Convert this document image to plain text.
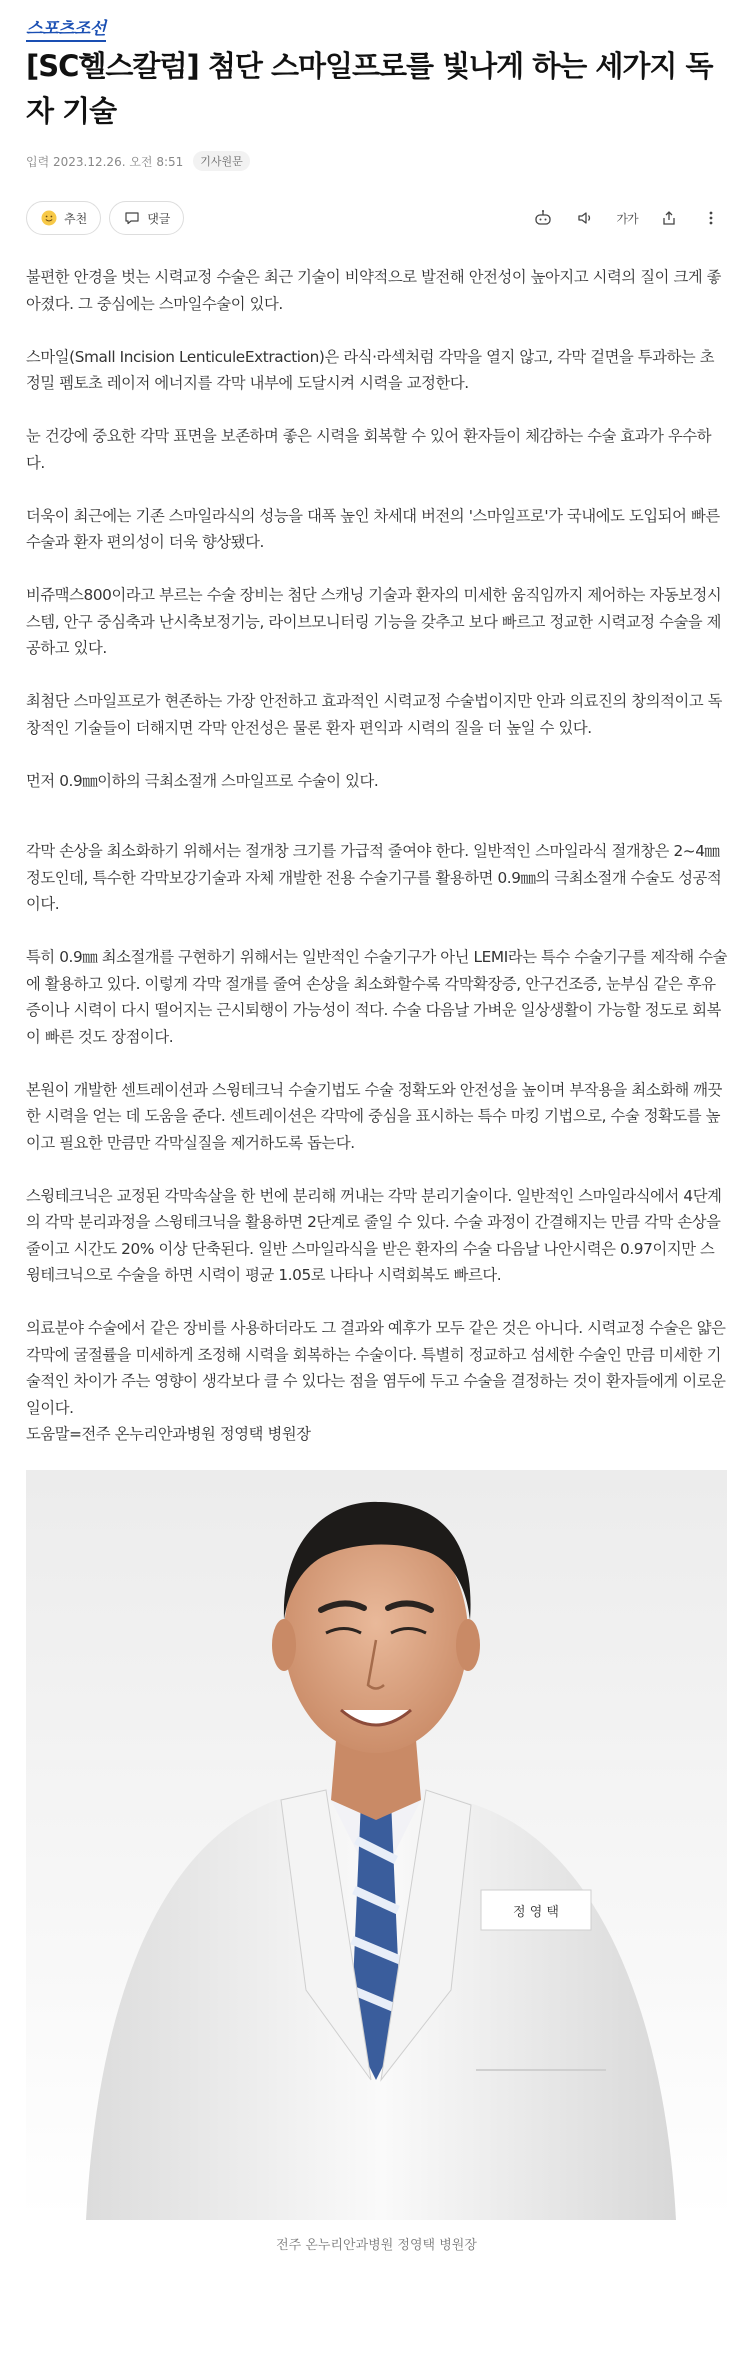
스포츠조선
[SC헬스칼럼] 첨단 스마일프로를 빛나게 하는 세가지 독자 기술
입력 2023.12.26. 오전 8:51	기사원문
추천	댓글	가가

불편한 안경을 벗는 시력교정 수술은 최근 기술이 비약적으로 발전해 안전성이 높아지고 시력의 질이 크게 좋아졌다. 그 중심에는 스마일수술이 있다.

스마일(Small Incision LenticuleExtraction)은 라식·라섹처럼 각막을 열지 않고, 각막 겉면을 투과하는 초정밀 펨토초 레이저 에너지를 각막 내부에 도달시켜 시력을 교정한다.

눈 건강에 중요한 각막 표면을 보존하며 좋은 시력을 회복할 수 있어 환자들이 체감하는 수술 효과가 우수하다.

더욱이 최근에는 기존 스마일라식의 성능을 대폭 높인 차세대 버전의 '스마일프로'가 국내에도 도입되어 빠른 수술과 환자 편의성이 더욱 향상됐다.

비쥬맥스800이라고 부르는 수술 장비는 첨단 스캐닝 기술과 환자의 미세한 움직임까지 제어하는 자동보정시스템, 안구 중심축과 난시축보정기능, 라이브모니터링 기능을 갖추고 보다 빠르고 정교한 시력교정 수술을 제공하고 있다.

최첨단 스마일프로가 현존하는 가장 안전하고 효과적인 시력교정 수술법이지만 안과 의료진의 창의적이고 독창적인 기술들이 더해지면 각막 안전성은 물론 환자 편익과 시력의 질을 더 높일 수 있다.

먼저 0.9㎜이하의 극최소절개 스마일프로 수술이 있다.

각막 손상을 최소화하기 위해서는 절개창 크기를 가급적 줄여야 한다. 일반적인 스마일라식 절개창은 2~4㎜ 정도인데, 특수한 각막보강기술과 자체 개발한 전용 수술기구를 활용하면 0.9㎜의 극최소절개 수술도 성공적이다.

특히 0.9㎜ 최소절개를 구현하기 위해서는 일반적인 수술기구가 아닌 LEMI라는 특수 수술기구를 제작해 수술에 활용하고 있다. 이렇게 각막 절개를 줄여 손상을 최소화할수록 각막확장증, 안구건조증, 눈부심 같은 후유증이나 시력이 다시 떨어지는 근시퇴행이 가능성이 적다. 수술 다음날 가벼운 일상생활이 가능할 정도로 회복이 빠른 것도 장점이다.

본원이 개발한 센트레이션과 스윙테크닉 수술기법도 수술 정확도와 안전성을 높이며 부작용을 최소화해 깨끗한 시력을 얻는 데 도움을 준다. 센트레이션은 각막에 중심을 표시하는 특수 마킹 기법으로, 수술 정확도를 높이고 필요한 만큼만 각막실질을 제거하도록 돕는다.

스윙테크닉은 교정된 각막속살을 한 번에 분리해 꺼내는 각막 분리기술이다. 일반적인 스마일라식에서 4단계의 각막 분리과정을 스윙테크닉을 활용하면 2단계로 줄일 수 있다. 수술 과정이 간결해지는 만큼 각막 손상을 줄이고 시간도 20% 이상 단축된다. 일반 스마일라식을 받은 환자의 수술 다음날 나안시력은 0.97이지만 스윙테크닉으로 수술을 하면 시력이 평균 1.05로 나타나 시력회복도 빠르다.

의료분야 수술에서 같은 장비를 사용하더라도 그 결과와 예후가 모두 같은 것은 아니다. 시력교정 수술은 얇은 각막에 굴절률을 미세하게 조정해 시력을 회복하는 수술이다. 특별히 정교하고 섬세한 수술인 만큼 미세한 기술적인 차이가 주는 영향이 생각보다 클 수 있다는 점을 염두에 두고 수술을 결정하는 것이 환자들에게 이로운 일이다.

도움말=전주 온누리안과병원 정영택 병원장

정 영 택
전주 온누리안과병원 정영택 병원장
